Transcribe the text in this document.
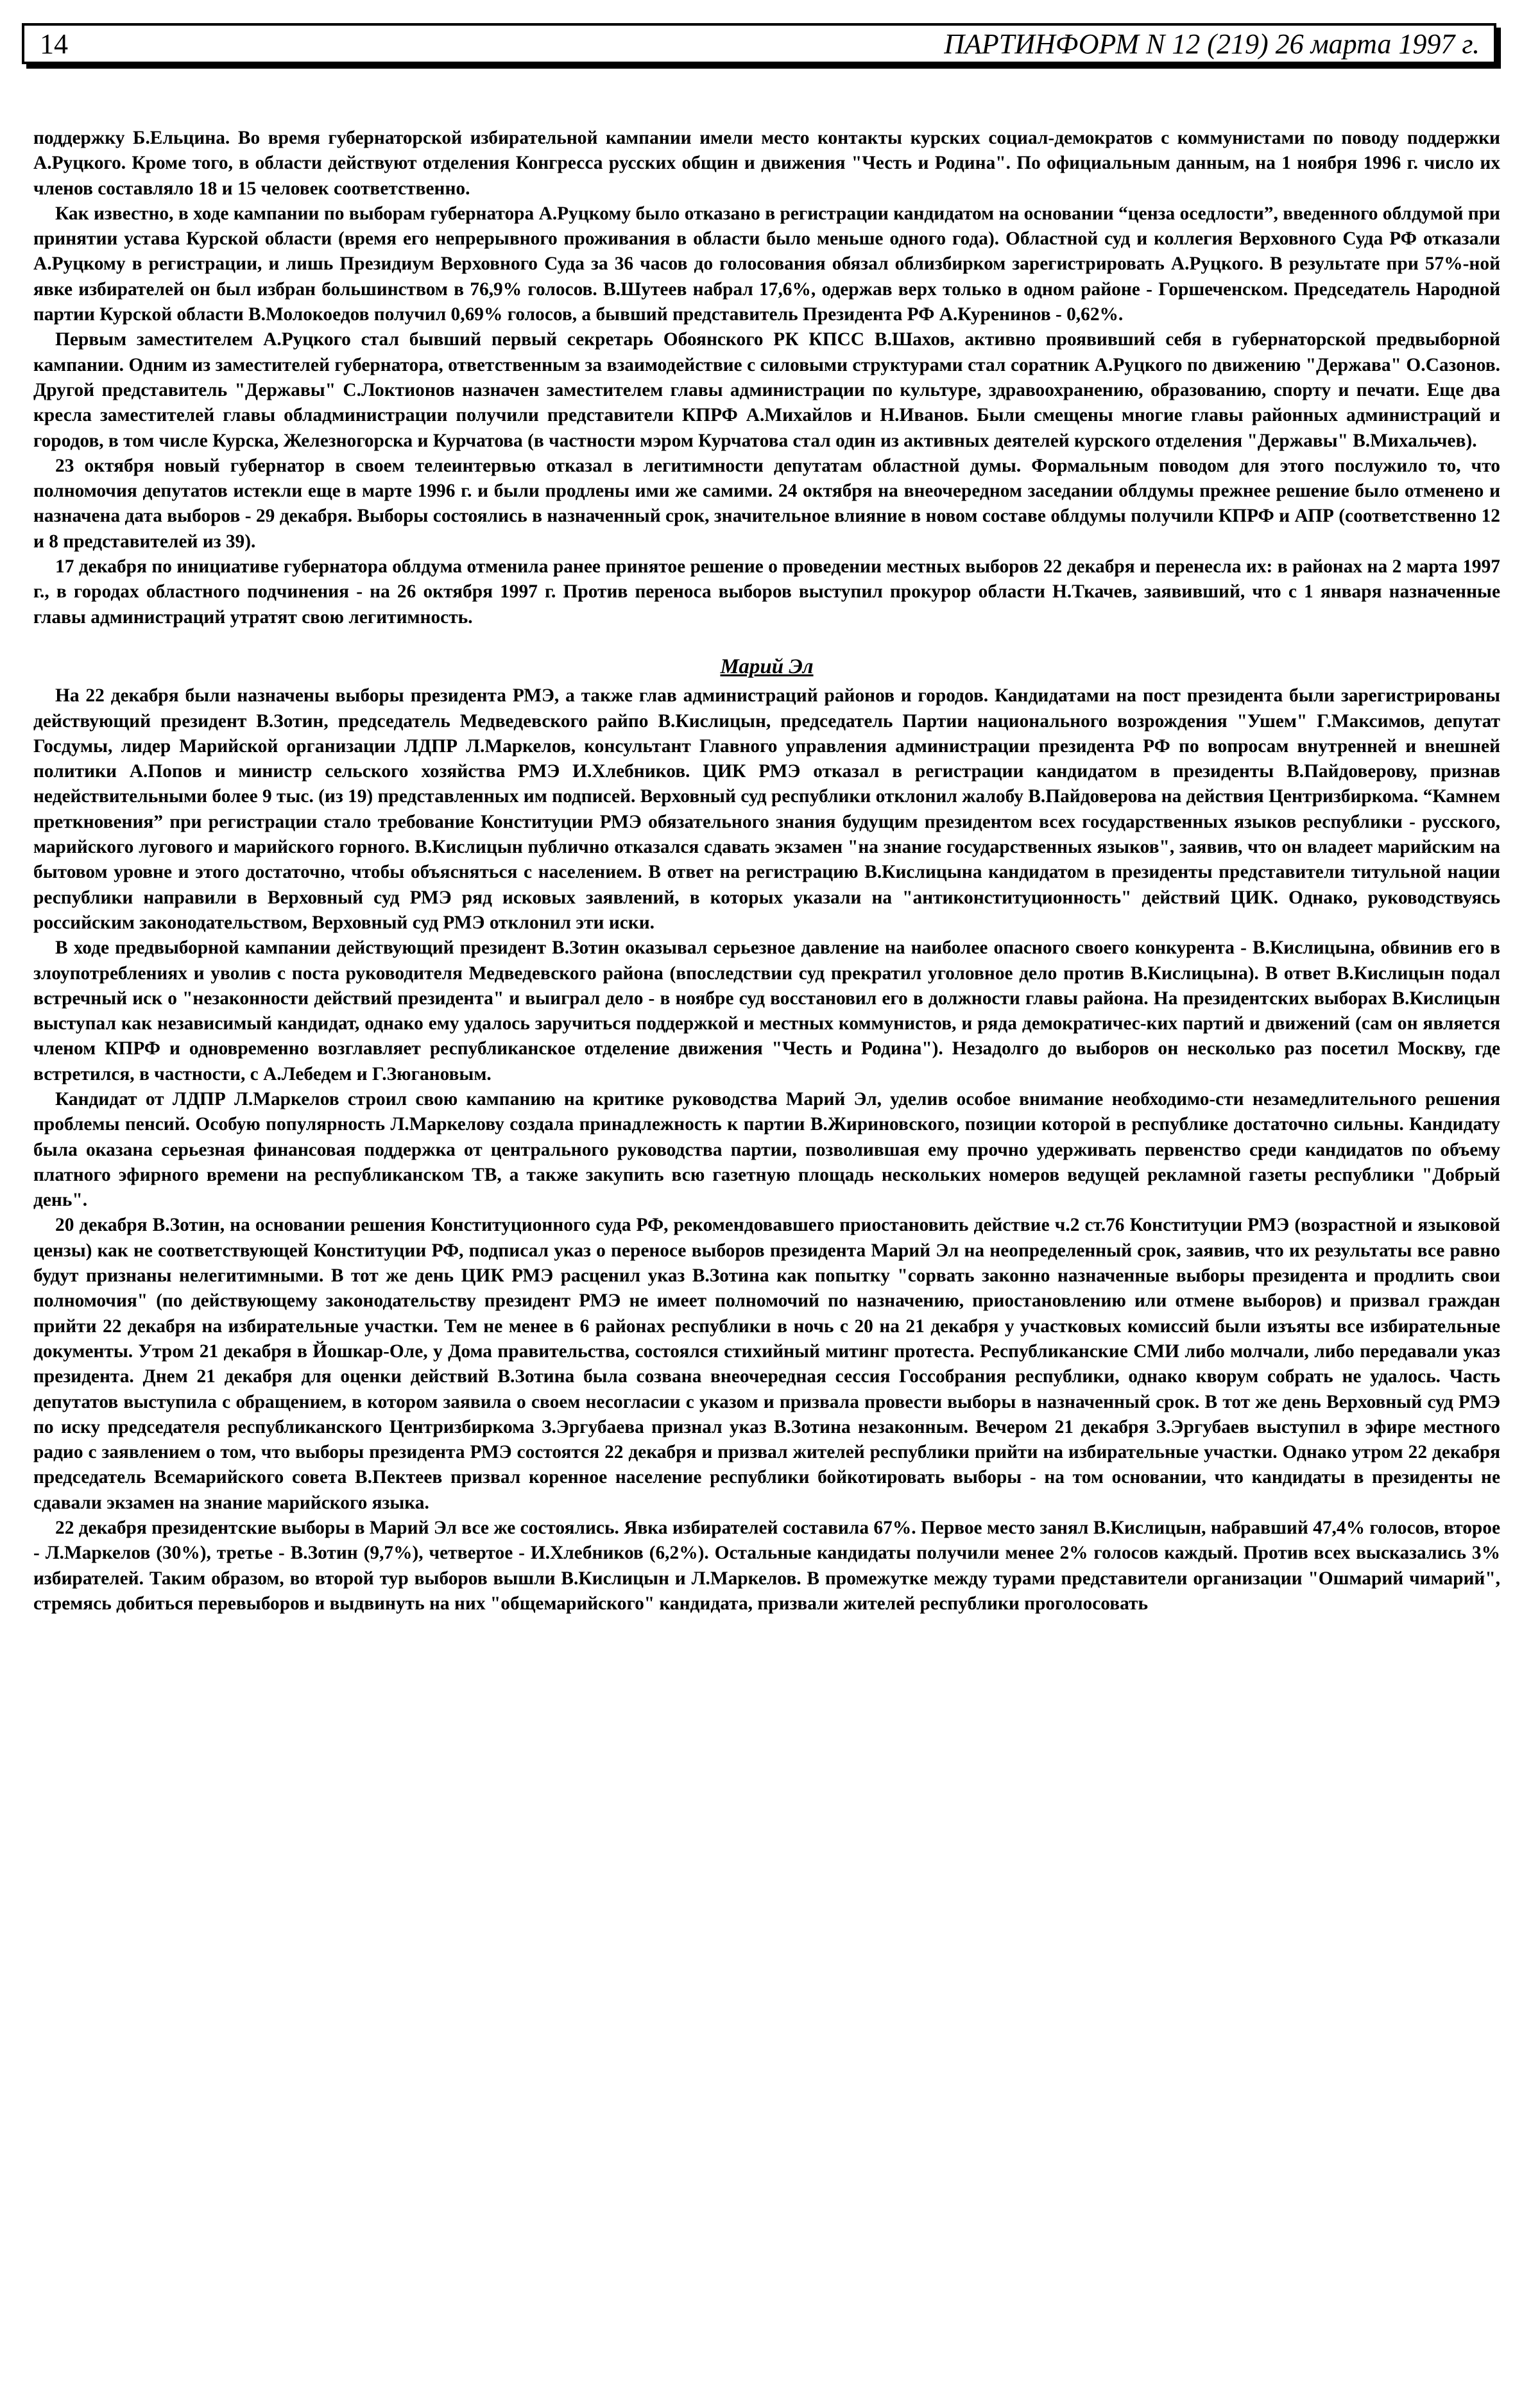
14	ПАРТИНФОРМ N 12 (219) 26 марта 1997 г.

поддержку Б.Ельцина. Во время губернаторской избирательной кампании имели место контакты курских социал-демократов с коммунистами по поводу поддержки А.Руцкого. Кроме того, в области действуют отделения Конгресса русских общин и движения "Честь и Родина". По официальным данным, на 1 ноября 1996 г. число их членов составляло 18 и 15 человек соответственно.

Как известно, в ходе кампании по выборам губернатора А.Руцкому было отказано в регистрации кандидатом на основании “ценза оседлости”, введенного облдумой при принятии устава Курской области (время его непрерывного проживания в области было меньше одного года). Областной суд и коллегия Верховного Суда РФ отказали А.Руцкому в регистрации, и лишь Президиум Верховного Суда за 36 часов до голосования обязал облизбирком зарегистрировать А.Руцкого. В результате при 57%-ной явке избирателей он был избран большинством в 76,9% голосов. В.Шутеев набрал 17,6%, одержав верх только в одном районе - Горшеченском. Председатель Народной партии Курской области В.Молокоедов получил 0,69% голосов, а бывший представитель Президента РФ А.Куренинов - 0,62%.

Первым заместителем А.Руцкого стал бывший первый секретарь Обоянского РК КПСС В.Шахов, активно проявивший себя в губернаторской предвыборной кампании. Одним из заместителей губернатора, ответственным за взаимодействие с силовыми структурами стал соратник А.Руцкого по движению "Держава" О.Сазонов. Другой представитель "Державы" С.Локтионов назначен заместителем главы администрации по культуре, здравоохранению, образованию, спорту и печати. Еще два кресла заместителей главы обладминистрации получили представители КПРФ А.Михайлов и Н.Иванов. Были смещены многие главы районных администраций и городов, в том числе Курска, Железногорска и Курчатова (в частности мэром Курчатова стал один из активных деятелей курского отделения "Державы" В.Михальчев).

23 октября новый губернатор в своем телеинтервью отказал в легитимности депутатам областной думы. Формальным поводом для этого послужило то, что полномочия депутатов истекли еще в марте 1996 г. и были продлены ими же самими. 24 октября на внеочередном заседании облдумы прежнее решение было отменено и назначена дата выборов - 29 декабря. Выборы состоялись в назначенный срок, значительное влияние в новом составе облдумы получили КПРФ и АПР (соответственно 12 и 8 представителей из 39).

17 декабря по инициативе губернатора облдума отменила ранее принятое решение о проведении местных выборов 22 декабря и перенесла их: в районах на 2 марта 1997 г., в городах областного подчинения - на 26 октября 1997 г. Против переноса выборов выступил прокурор области Н.Ткачев, заявивший, что с 1 января назначенные главы администраций утратят свою легитимность.

Марий Эл

На 22 декабря были назначены выборы президента РМЭ, а также глав администраций районов и городов. Кандидатами на пост президента были зарегистрированы действующий президент В.Зотин, председатель Медведевского райпо В.Кислицын, председатель Партии национального возрождения "Ушем" Г.Максимов, депутат Госдумы, лидер Марийской организации ЛДПР Л.Маркелов, консультант Главного управления администрации президента РФ по вопросам внутренней и внешней политики А.Попов и министр сельского хозяйства РМЭ И.Хлебников. ЦИК РМЭ отказал в регистрации кандидатом в президенты В.Пайдоверову, признав недействительными более 9 тыс. (из 19) представленных им подписей. Верховный суд республики отклонил жалобу В.Пайдоверова на действия Центризбиркома. “Камнем преткновения” при регистрации стало требование Конституции РМЭ обязательного знания будущим президентом всех государственных языков республики - русского, марийского лугового и марийского горного. В.Кислицын публично отказался сдавать экзамен "на знание государственных языков", заявив, что он владеет марийским на бытовом уровне и этого достаточно, чтобы объясняться с населением. В ответ на регистрацию В.Кислицына кандидатом в президенты представители титульной нации республики направили в Верховный суд РМЭ ряд исковых заявлений, в которых указали на "антиконституционность" действий ЦИК. Однако, руководствуясь российским законодательством, Верховный суд РМЭ отклонил эти иски.

В ходе предвыборной кампании действующий президент В.Зотин оказывал серьезное давление на наиболее опасного своего конкурента - В.Кислицына, обвинив его в злоупотреблениях и уволив с поста руководителя Медведевского района (впоследствии суд прекратил уголовное дело против В.Кислицына). В ответ В.Кислицын подал встречный иск о "незаконности действий президента" и выиграл дело - в ноябре суд восстановил его в должности главы района. На президентских выборах В.Кислицын выступал как независимый кандидат, однако ему удалось заручиться поддержкой и местных коммунистов, и ряда демократичес-ких партий и движений (сам он является членом КПРФ и одновременно возглавляет республиканское отделение движения "Честь и Родина"). Незадолго до выборов он несколько раз посетил Москву, где встретился, в частности, с А.Лебедем и Г.Зюгановым.

Кандидат от ЛДПР Л.Маркелов строил свою кампанию на критике руководства Марий Эл, уделив особое внимание необходимо-сти незамедлительного решения проблемы пенсий. Особую популярность Л.Маркелову создала принадлежность к партии В.Жириновского, позиции которой в республике достаточно сильны. Кандидату была оказана серьезная финансовая поддержка от центрального руководства партии, позволившая ему прочно удерживать первенство среди кандидатов по объему платного эфирного времени на республиканском ТВ, а также закупить всю газетную площадь нескольких номеров ведущей рекламной газеты республики "Добрый день".

20 декабря В.Зотин, на основании решения Конституционного суда РФ, рекомендовавшего приостановить действие ч.2 ст.76 Конституции РМЭ (возрастной и языковой цензы) как не соответствующей Конституции РФ, подписал указ о переносе выборов президента Марий Эл на неопределенный срок, заявив, что их результаты все равно будут признаны нелегитимными. В тот же день ЦИК РМЭ расценил указ В.Зотина как попытку "сорвать законно назначенные выборы президента и продлить свои полномочия" (по действующему законодательству президент РМЭ не имеет полномочий по назначению, приостановлению или отмене выборов) и призвал граждан прийти 22 декабря на избирательные участки. Тем не менее в 6 районах республики в ночь с 20 на 21 декабря у участковых комиссий были изъяты все избирательные документы. Утром 21 декабря в Йошкар-Оле, у Дома правительства, состоялся стихийный митинг протеста. Республиканские СМИ либо молчали, либо передавали указ президента. Днем 21 декабря для оценки действий В.Зотина была созвана внеочередная сессия Госсобрания республики, однако кворум собрать не удалось. Часть депутатов выступила с обращением, в котором заявила о своем несогласии с указом и призвала провести выборы в назначенный срок. В тот же день Верховный суд РМЭ по иску председателя республиканского Центризбиркома З.Эргубаева признал указ В.Зотина незаконным. Вечером 21 декабря З.Эргубаев выступил в эфире местного радио с заявлением о том, что выборы президента РМЭ состоятся 22 декабря и призвал жителей республики прийти на избирательные участки. Однако утром 22 декабря председатель Всемарийского совета В.Пектеев призвал коренное население республики бойкотировать выборы - на том основании, что кандидаты в президенты не сдавали экзамен на знание марийского языка.

22 декабря президентские выборы в Марий Эл все же состоялись. Явка избирателей составила 67%. Первое место занял В.Кислицын, набравший 47,4% голосов, второе - Л.Маркелов (30%), третье - В.Зотин (9,7%), четвертое - И.Хлебников (6,2%). Остальные кандидаты получили менее 2% голосов каждый. Против всех высказались 3% избирателей. Таким образом, во второй тур выборов вышли В.Кислицын и Л.Маркелов. В промежутке между турами представители организации "Ошмарий чимарий", стремясь добиться перевыборов и выдвинуть на них "общемарийского" кандидата, призвали жителей республики проголосовать
